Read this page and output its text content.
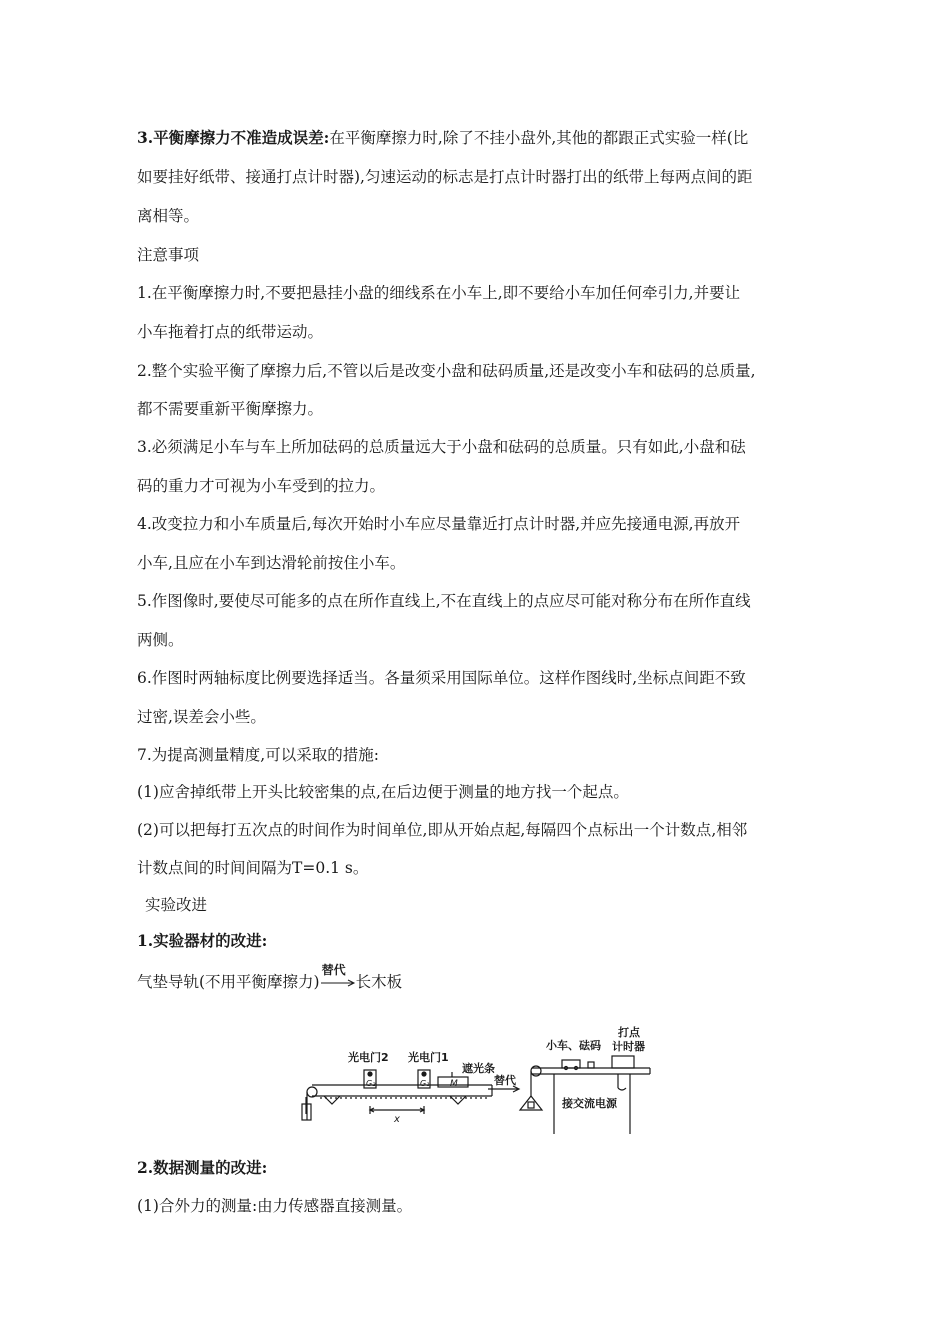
3.平衡摩擦力不准造成误差:在平衡摩擦力时,除了不挂小盘外,其他的都跟正式实验一样(比
如要挂好纸带、接通打点计时器),匀速运动的标志是打点计时器打出的纸带上每两点间的距
离相等。
注意事项
1.在平衡摩擦力时,不要把悬挂小盘的细线系在小车上,即不要给小车加任何牵引力,并要让
小车拖着打点的纸带运动。
2.整个实验平衡了摩擦力后,不管以后是改变小盘和砝码质量,还是改变小车和砝码的总质量,
都不需要重新平衡摩擦力。
3.必须满足小车与车上所加砝码的总质量远大于小盘和砝码的总质量。只有如此,小盘和砝
码的重力才可视为小车受到的拉力。
4.改变拉力和小车质量后,每次开始时小车应尽量靠近打点计时器,并应先接通电源,再放开
小车,且应在小车到达滑轮前按住小车。
5.作图像时,要使尽可能多的点在所作直线上,不在直线上的点应尽可能对称分布在所作直线
两侧。
6.作图时两轴标度比例要选择适当。各量须采用国际单位。这样作图线时,坐标点间距不致
过密,误差会小些。
7.为提高测量精度,可以采取的措施:
(1)应舍掉纸带上开头比较密集的点,在后边便于测量的地方找一个起点。
(2)可以把每打五次点的时间作为时间单位,即从开始点起,每隔四个点标出一个计数点,相邻
计数点间的时间间隔为T=0.1 s。
实验改进
1.实验器材的改进:
气垫导轨(不用平衡摩擦力)
替代
长木板
光电门2 光电门1
遮光条
替代
G₂	G₁ M
x
小车、砝码
打点
计时器
接交流电源
2.数据测量的改进:
(1)合外力的测量:由力传感器直接测量。
